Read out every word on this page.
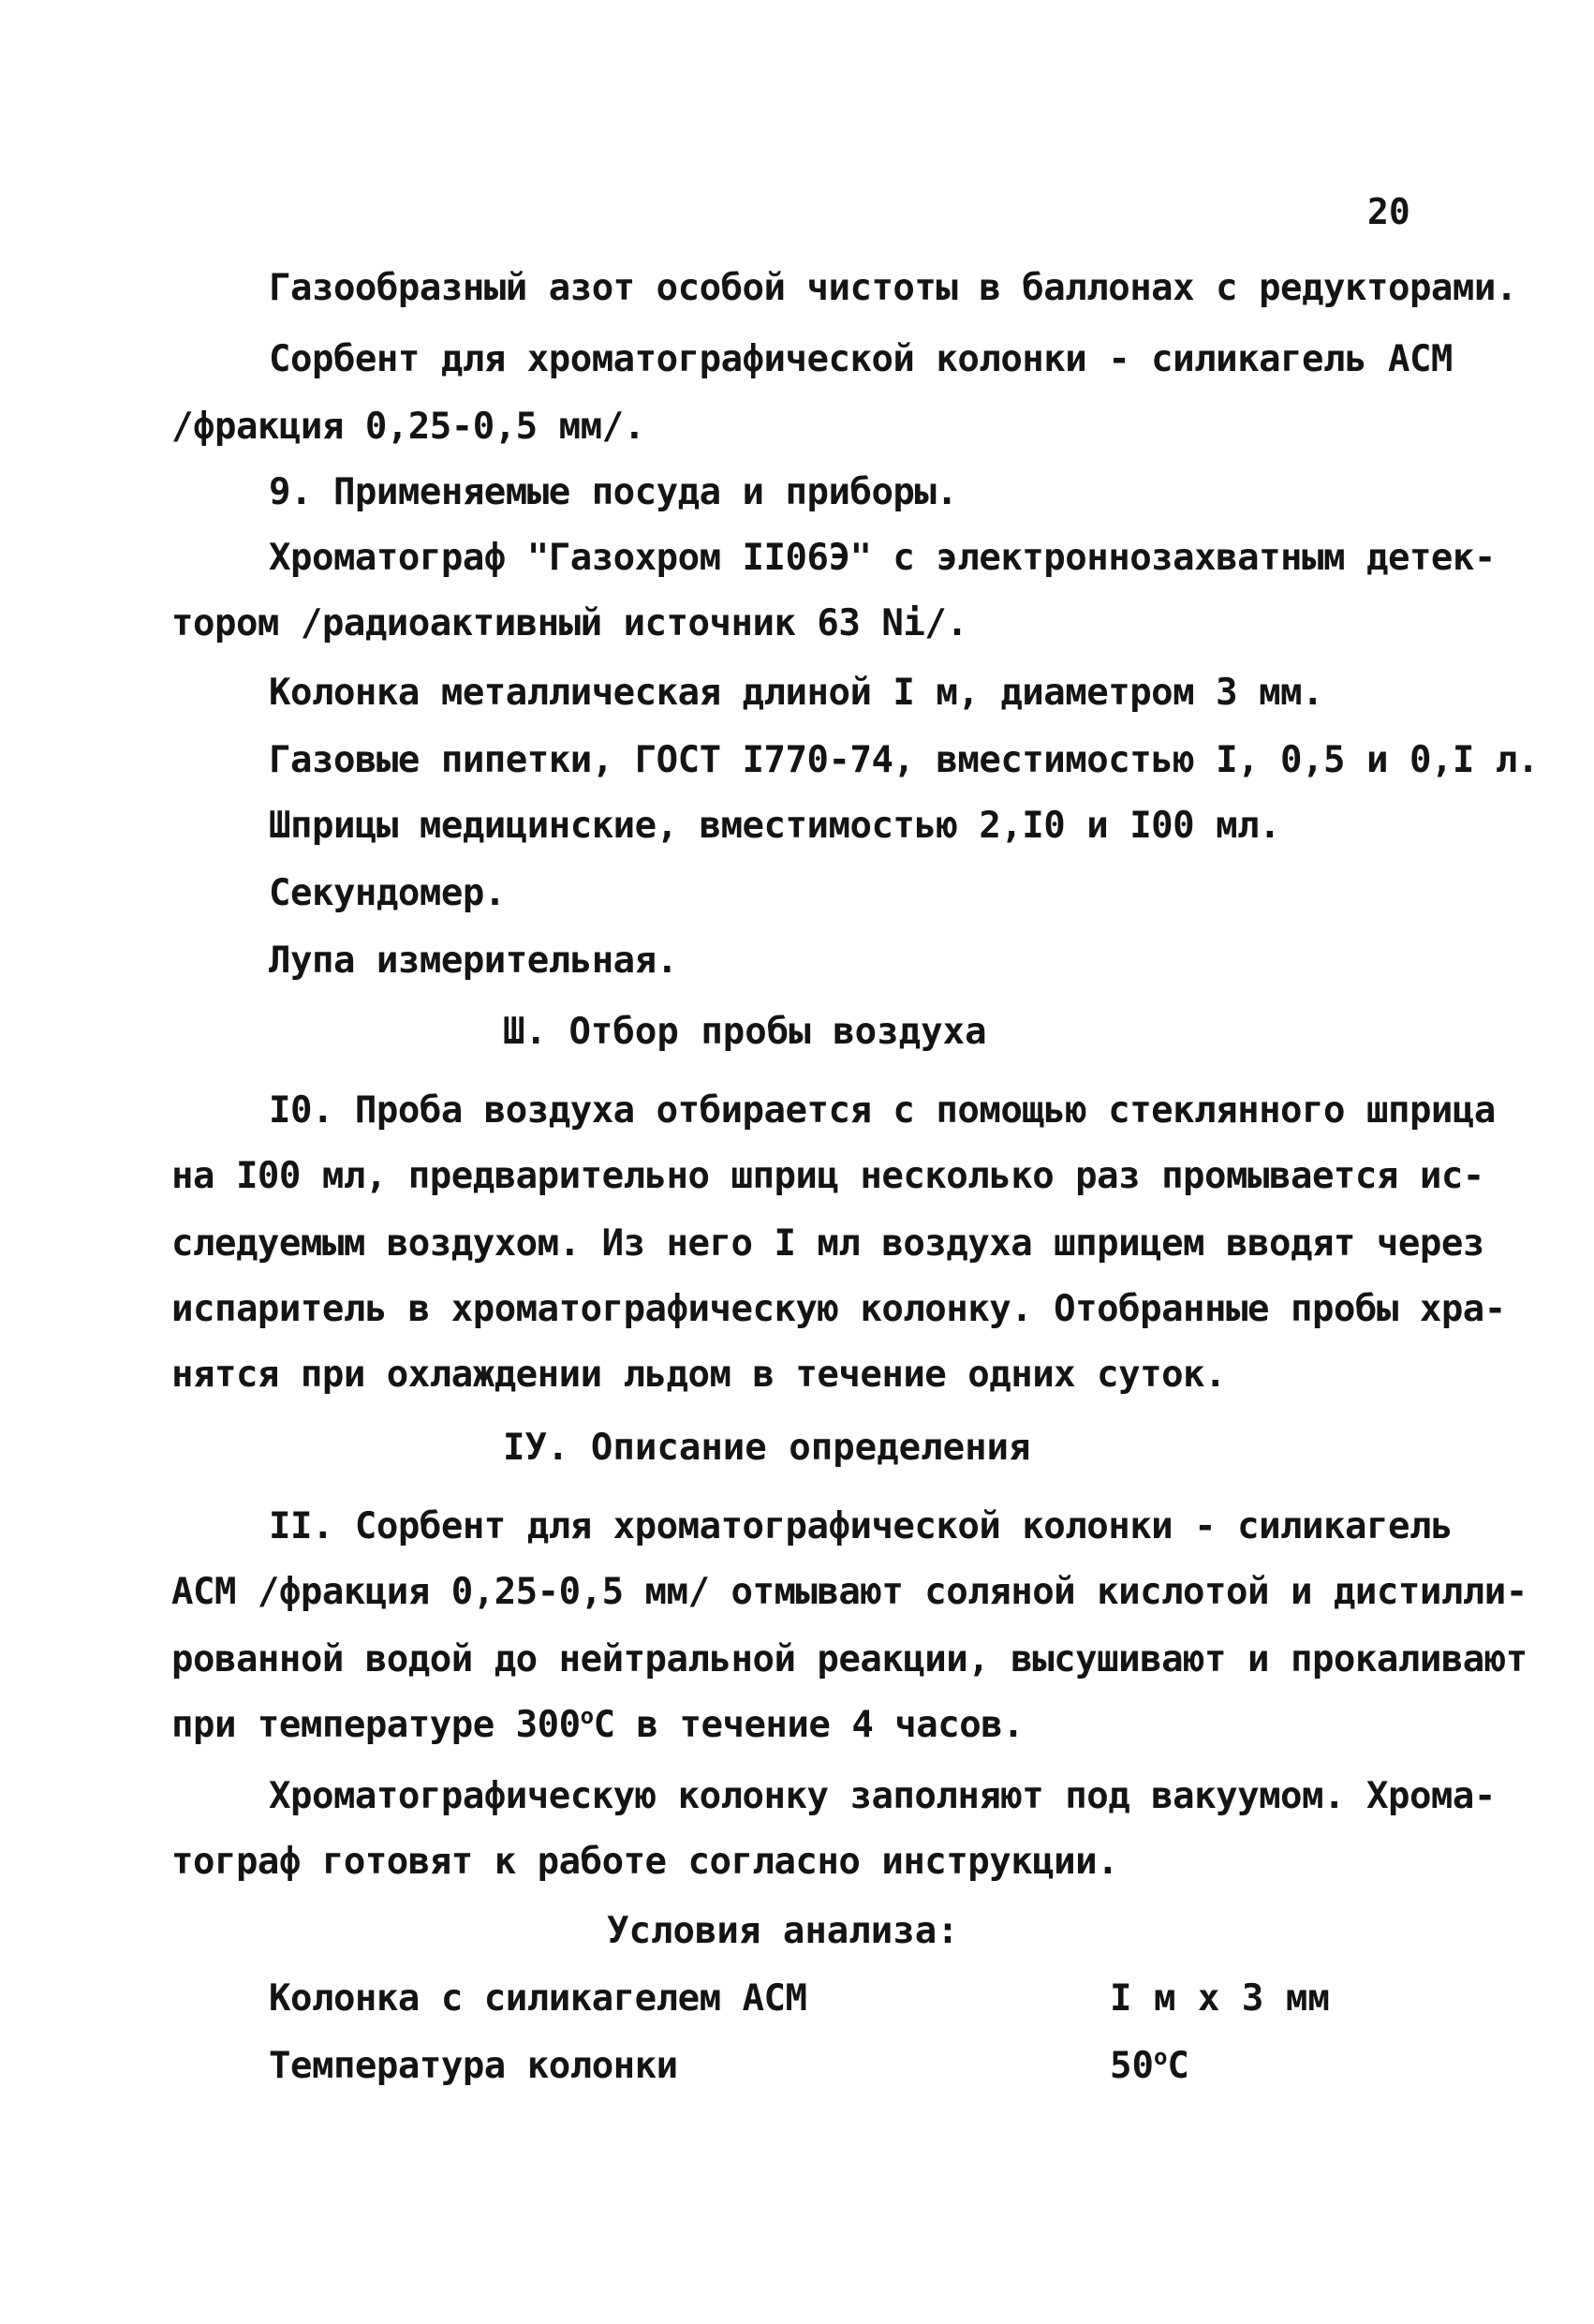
20
Газообразный азот особой чистоты в баллонах с редукторами.
Сорбент для хроматографической колонки - силикагель АСМ
/фракция 0,25-0,5 мм/.
9. Применяемые посуда и приборы.
Хроматограф "Газохром II06Э" с электроннозахватным детек-
тором /радиоактивный источник 63 Ni/.
Колонка металлическая длиной I м, диаметром 3 мм.
Газовые пипетки, ГОСТ I770-74, вместимостью I, 0,5 и 0,I л.
Шприцы медицинские, вместимостью 2,I0 и I00 мл.
Секундомер.
Лупа измерительная.
Ш. Отбор пробы воздуха
I0. Проба воздуха отбирается с помощью стеклянного шприца
на I00 мл, предварительно шприц несколько раз промывается ис-
следуемым воздухом. Из него I мл воздуха шприцем вводят через
испаритель в хроматографическую колонку. Отобранные пробы хра-
нятся при охлаждении льдом в течение одних суток.
IУ. Описание определения
II. Сорбент для хроматографической колонки - силикагель
АСМ /фракция 0,25-0,5 мм/ отмывают соляной кислотой и дистилли-
рованной водой до нейтральной реакции, высушивают и прокаливают
при температуре $300^оС$ в течение 4 часов.
Хроматографическую колонку заполняют под вакуумом. Хрома-
тограф готовят к работе согласно инструкции.
Условия анализа:
Колонка с силикагелем АСМ	I м х 3 мм
Температура колонки	$50^оС$
